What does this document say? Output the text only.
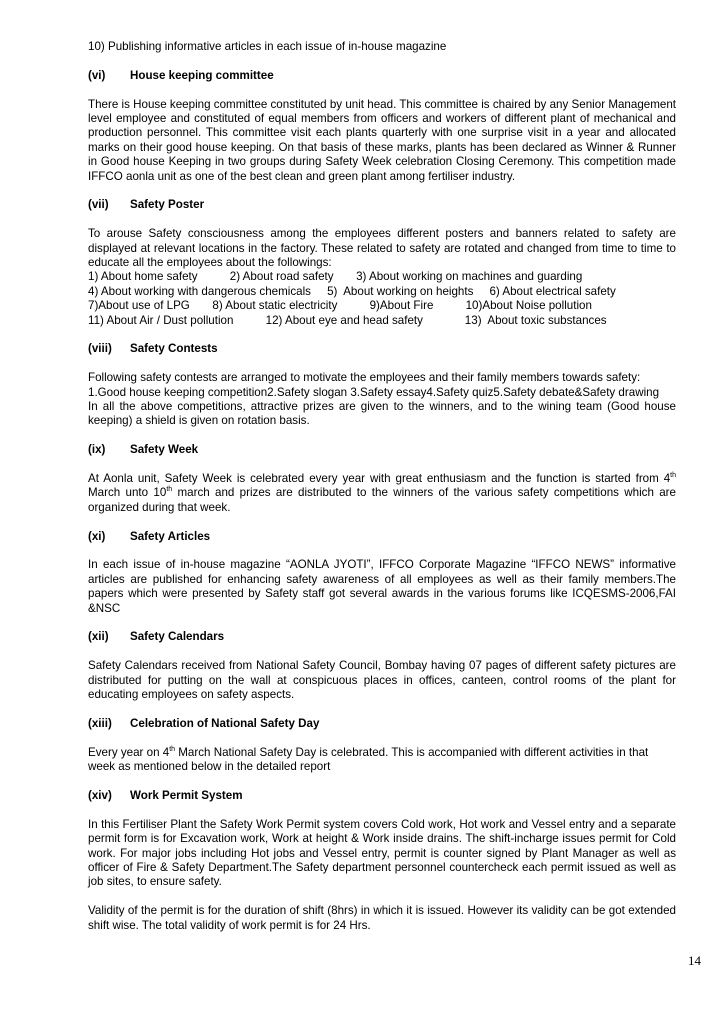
10) Publishing informative articles in each issue of in-house magazine

(vi)	House keeping committee

There is House keeping committee constituted by unit head. This committee is chaired by any Senior Management level employee and constituted of equal members from officers and workers of different plant of mechanical and production personnel. This committee visit each plants quarterly with one surprise visit in a year and allocated marks on their good house keeping. On that basis of these marks, plants has been declared as Winner & Runner in Good house Keeping in two groups during Safety Week celebration Closing Ceremony. This competition made IFFCO aonla unit as one of the best clean and green plant among fertiliser industry.

(vii)	Safety Poster

To arouse Safety consciousness among the employees different posters and banners related to safety are displayed at relevant locations in the factory. These related to safety are rotated and changed from time to time to educate all the employees about the followings:

1) About home safety          2) About road safety       3) About working on machines and guarding

4) About working with dangerous chemicals     5)  About working on heights     6) About electrical safety

7)About use of LPG       8) About static electricity          9)About Fire          10)About Noise pollution

11) About Air / Dust pollution          12) About eye and head safety             13)  About toxic substances

(viii)	Safety Contests

Following safety contests are arranged to motivate the employees and their family members towards safety:

1.Good house keeping competition2.Safety slogan 3.Safety essay4.Safety quiz5.Safety debate&Safety drawing

In all the above competitions, attractive prizes are given to the winners, and to the wining team (Good house keeping) a shield is given on rotation basis.

(ix)	Safety Week

At Aonla unit, Safety Week is celebrated every year with great enthusiasm and the function is started from 4th March unto 10th march and prizes are distributed to the winners of the various safety competitions which are organized during that week.

(xi)	Safety Articles

In each issue of in-house magazine “AONLA JYOTI”, IFFCO Corporate Magazine “IFFCO NEWS” informative articles are published for enhancing safety awareness of all employees as well as their family members.The papers which were presented by Safety staff got several awards in the various forums like ICQESMS-2006,FAI &NSC

(xii)	Safety Calendars

Safety Calendars received from National Safety Council, Bombay having 07 pages of different safety pictures are distributed for putting on the wall at conspicuous places in offices, canteen, control rooms of the plant for educating employees on safety aspects.

(xiii)	Celebration of National Safety Day

Every year on 4th March National Safety Day is celebrated. This is accompanied with different activities in that week as mentioned below in the detailed report

(xiv)	Work Permit System

In this Fertiliser Plant the Safety Work Permit system covers Cold work, Hot work and Vessel entry and a separate permit form is for Excavation work, Work at height & Work inside drains. The shift-incharge issues permit for Cold work. For major jobs including Hot jobs and Vessel entry, permit is counter signed by Plant Manager as well as officer of Fire & Safety Department.The Safety department personnel countercheck each permit issued as well as job sites, to ensure safety.

Validity of the permit is for the duration of shift (8hrs) in which it is issued. However its validity can be got extended shift wise. The total validity of work permit is for 24 Hrs.

14
